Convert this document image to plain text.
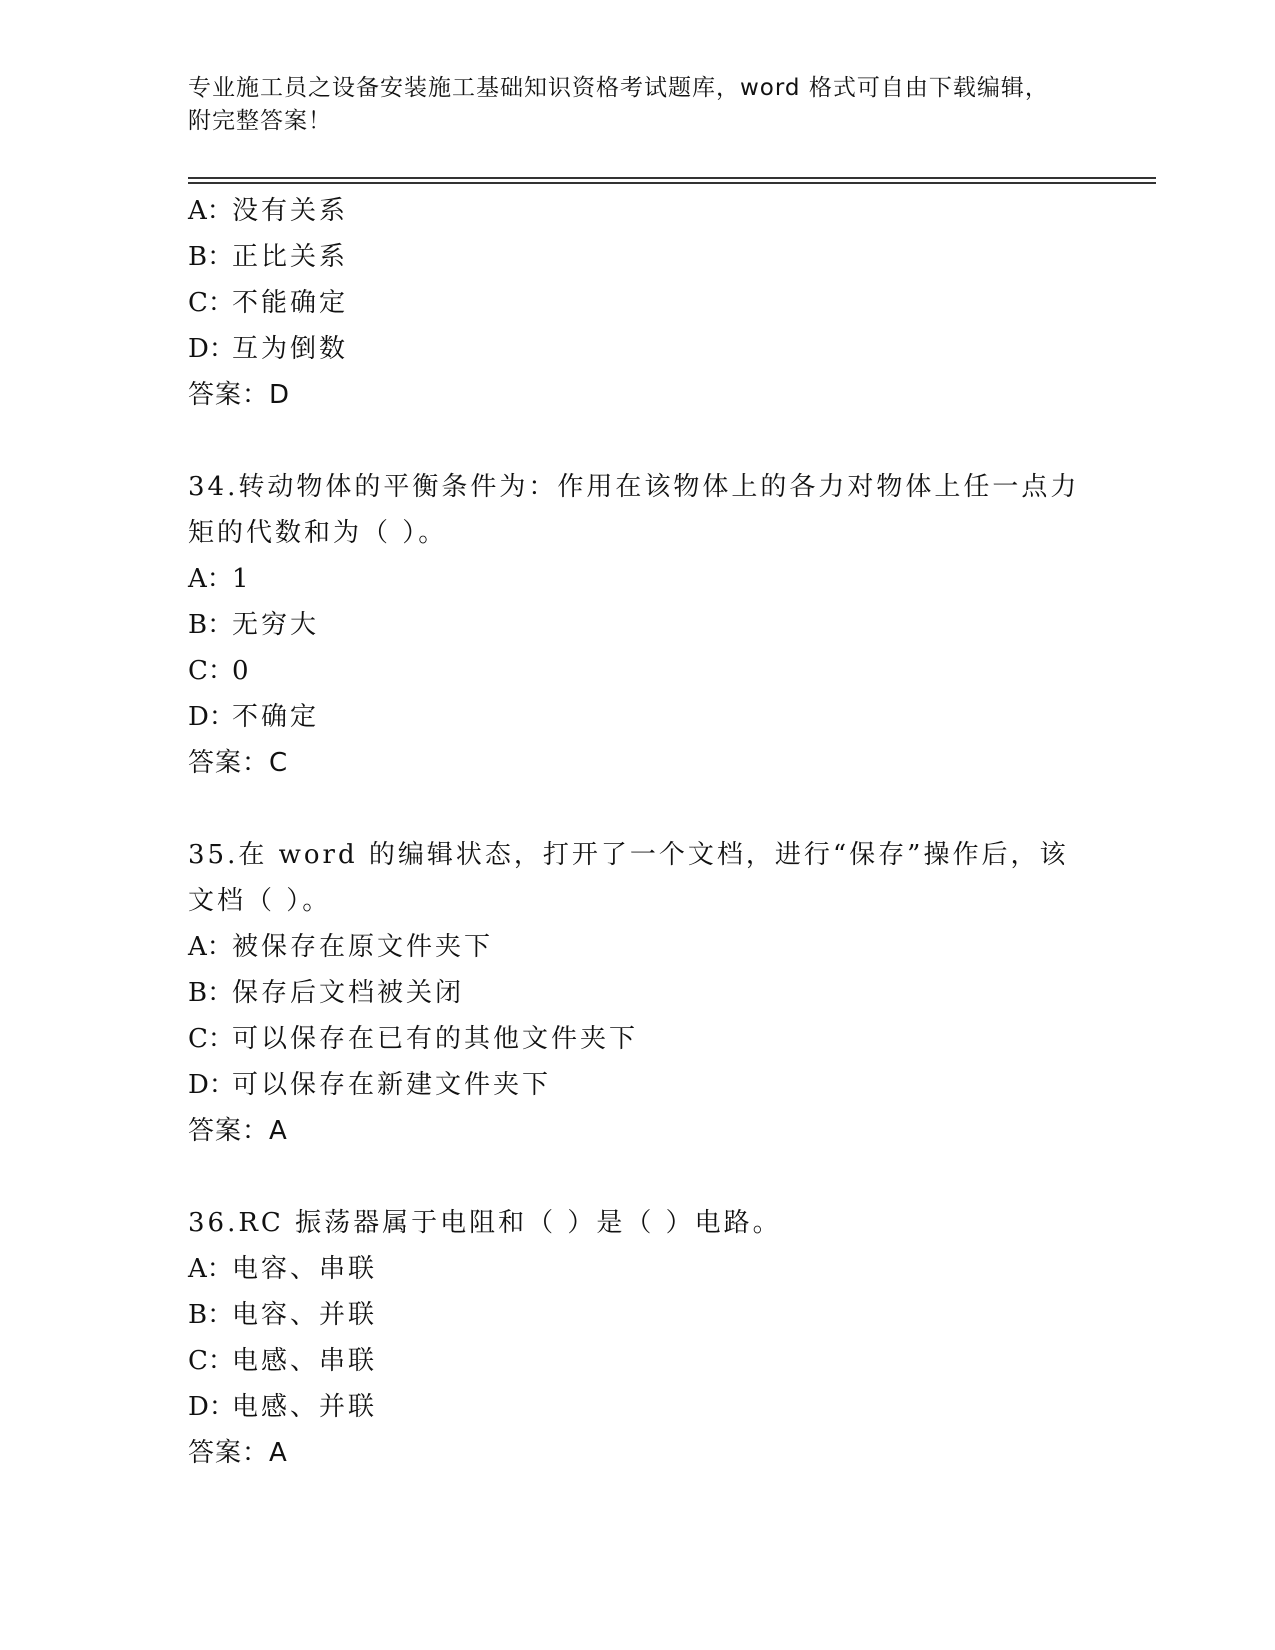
专业施工员之设备安装施工基础知识资格考试题库，word 格式可自由下载编辑，
附完整答案！
A：没有关系
B：正比关系
C：不能确定
D：互为倒数
答案：D
34.转动物体的平衡条件为：作用在该物体上的各力对物体上任一点力
矩的代数和为（ ）。
A：1
B：无穷大
C：0
D：不确定
答案：C
35.在 word 的编辑状态，打开了一个文档，进行“保存”操作后，该
文档（ ）。
A：被保存在原文件夹下
B：保存后文档被关闭
C：可以保存在已有的其他文件夹下
D：可以保存在新建文件夹下
答案：A
36.RC 振荡器属于电阻和（ ）是（ ）电路。
A：电容、串联
B：电容、并联
C：电感、串联
D：电感、并联
答案：A
